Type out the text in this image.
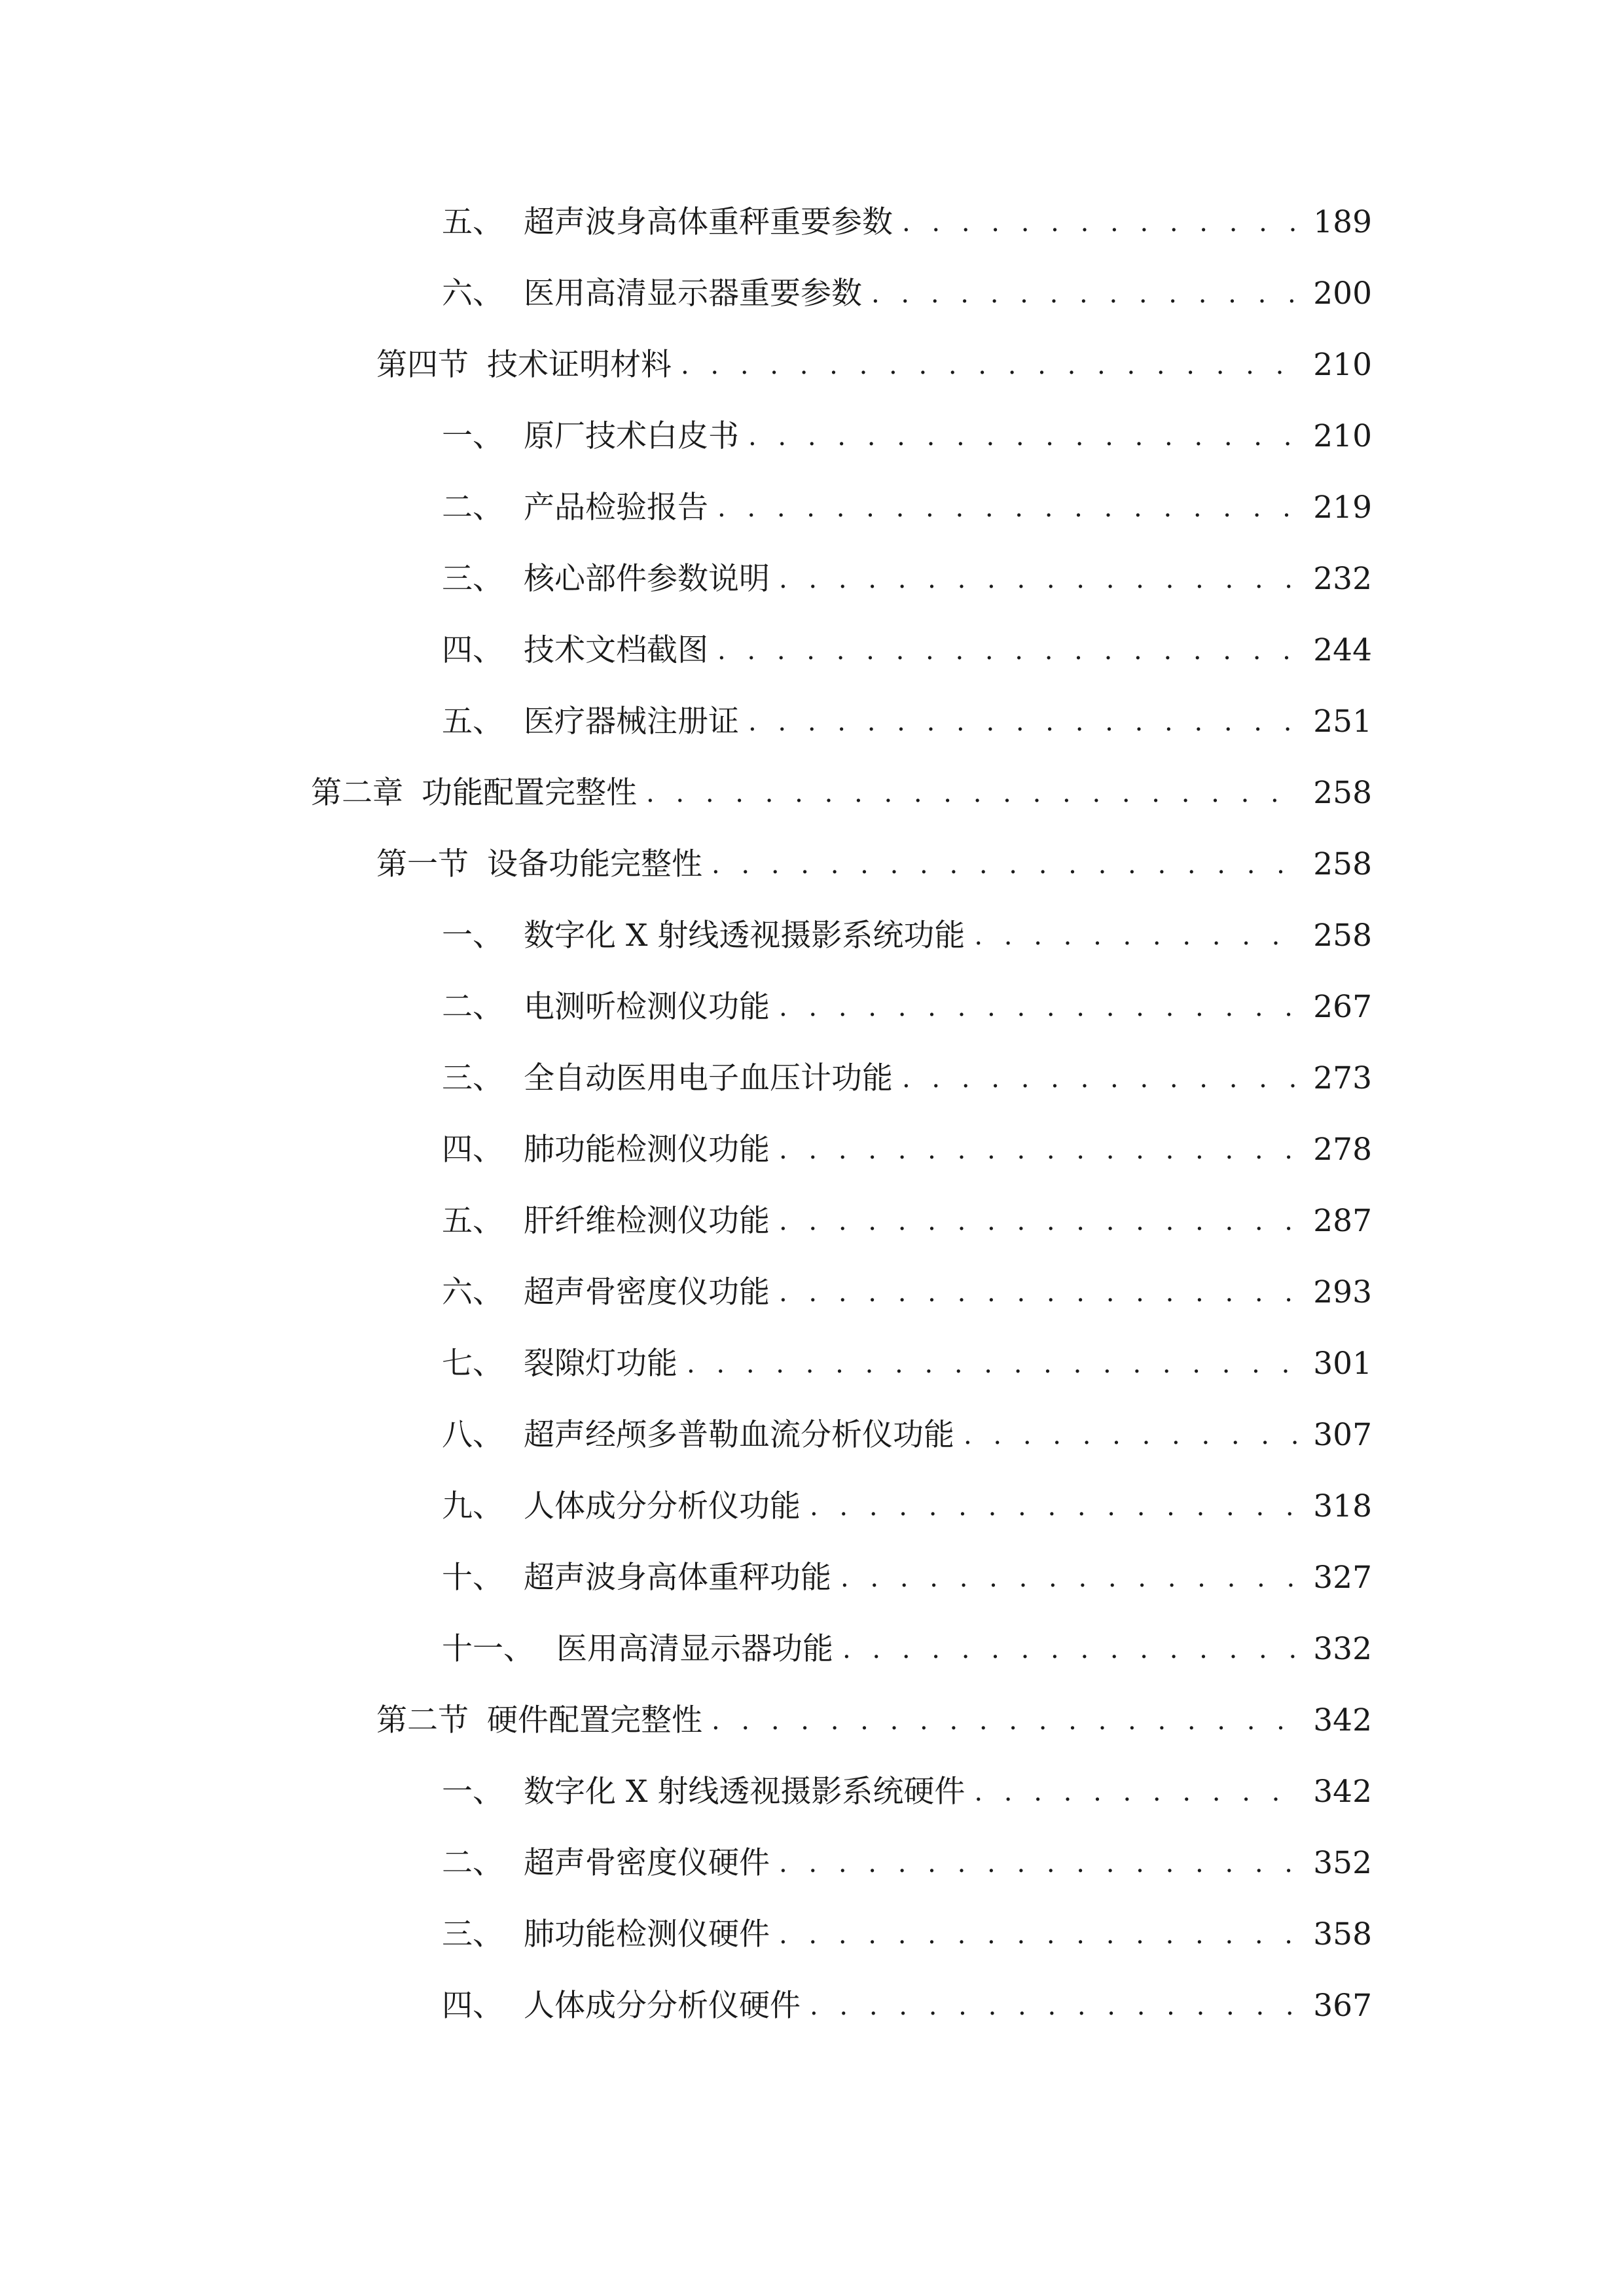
五、 超声波身高体重秤重要参数 . . .	189
六、 医用高清显示器重要参数 . . .	200
第四节 技术证明材料 . . .	210
一、 原厂技术白皮书 . . .	210
二、 产品检验报告 . . .	219
三、 核心部件参数说明 . . .	232
四、 技术文档截图 . . .	244
五、 医疗器械注册证 . . .	251
第二章 功能配置完整性 . . .	258
第一节 设备功能完整性 . . .	258
一、 数字化 X 射线透视摄影系统功能 . . .	258
二、 电测听检测仪功能 . . .	267
三、 全自动医用电子血压计功能 . . .	273
四、 肺功能检测仪功能 . . .	278
五、 肝纤维检测仪功能 . . .	287
六、 超声骨密度仪功能 . . .	293
七、 裂隙灯功能 . . .	301
八、 超声经颅多普勒血流分析仪功能 . . .	307
九、 人体成分分析仪功能 . . .	318
十、 超声波身高体重秤功能 . . .	327
十一、 医用高清显示器功能 . . .	332
第二节 硬件配置完整性 . . .	342
一、 数字化 X 射线透视摄影系统硬件 . . .	342
二、 超声骨密度仪硬件 . . .	352
三、 肺功能检测仪硬件 . . .	358
四、 人体成分分析仪硬件 . . .	367
